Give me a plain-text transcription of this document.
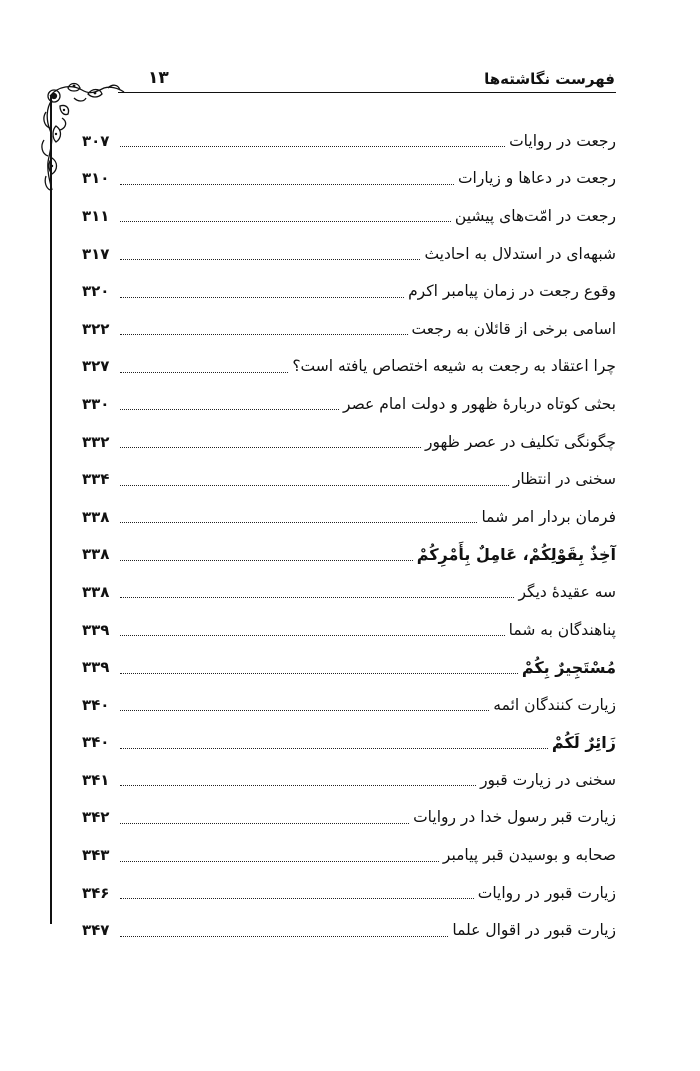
فهرست نگاشته‌ها
۱۳
۳۰۷	رجعت در روایات
۳۱۰	رجعت در دعاها و زیارات
۳۱۱	رجعت در امّت‌های پیشین
۳۱۷	شبهه‌ای در استدلال به احادیث
۳۲۰	وقوع رجعت در زمان پیامبر اکرم
۳۲۲	اسامی برخی از قائلان به رجعت
۳۲۷	چرا اعتقاد به رجعت به شیعه اختصاص یافته است؟
۳۳۰	بحثی کوتاه دربارهٔ ظهور و دولت امام عصر
۳۳۲	چگونگی تکلیف در عصر ظهور
۳۳۴	سخنی در انتظار
۳۳۸	فرمان بردار امر شما
۳۳۸	آخِذٌ بِقَوْلِكُمْ، عَامِلٌ بِأَمْرِكُمْ
۳۳۸	سه عقیدهٔ دیگر
۳۳۹	پناهندگان به شما
۳۳۹	مُسْتَجِيرٌ بِكُمْ
۳۴۰	زیارت کنندگان ائمه
۳۴۰	زَائِرٌ لَكُمْ
۳۴۱	سخنی در زیارت قبور
۳۴۲	زیارت قبر رسول خدا در روایات
۳۴۳	صحابه و بوسیدن قبر پیامبر
۳۴۶	زیارت قبور در روایات
۳۴۷	زیارت قبور در اقوال علما
